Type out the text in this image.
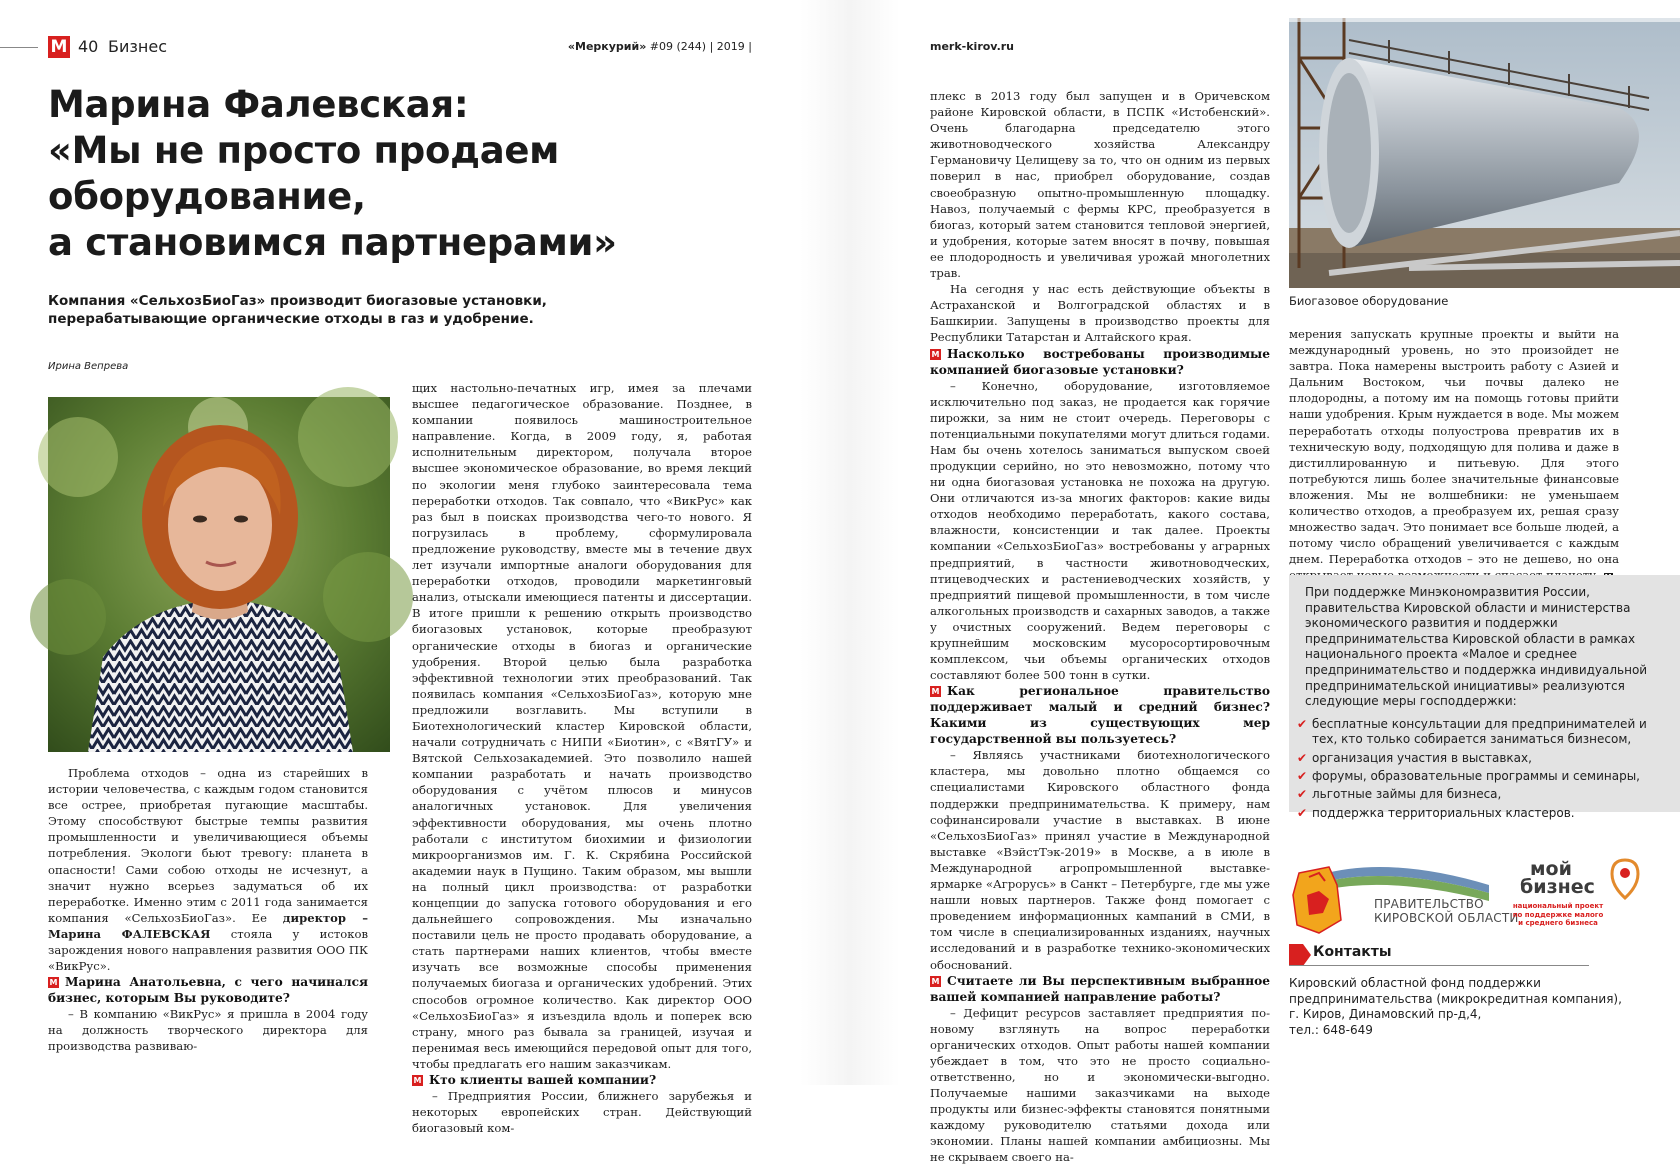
М 40 Бизнес	«Меркурий» #09 (244) | 2019 |
Марина Фалевская:
«Мы не просто продаем
оборудование,
а становимся партнерами»
Компания «СельхозБиоГаз» производит биогазовые установки, перерабатывающие органические отходы в газ и удобрение.
Ирина Вепрева

Проблема отходов – одна из старейших в истории человечества, с каждым годом становится все острее, приобретая пугающие масштабы. Этому способствуют быстрые темпы развития промышленности и увеличивающиеся объемы потребления. Экологи бьют тревогу: планета в опасности! Сами собою отходы не исчезнут, а значит нужно всерьез задуматься об их переработке. Именно этим с 2011 года занимается компания «СельхозБиоГаз». Ее директор – Марина ФАЛЕВСКАЯ стояла у истоков зарождения нового направления развития ООО ПК «ВикРус».

М Марина Анатольевна, с чего начинался бизнес, которым Вы руководите?

– В компанию «ВикРус» я пришла в 2004 году на должность творческого директора для производства развиваю-

щих настольно-печатных игр, имея за плечами высшее педагогическое образование. Позднее, в компании появилось машиностроительное направление. Когда, в 2009 году, я, работая исполнительным директором, получала второе высшее экономическое образование, во время лекций по экологии меня глубоко заинтересовала тема переработки отходов. Так совпало, что «ВикРус» как раз был в поисках производства чего-то нового. Я погрузилась в проблему, сформулировала предложение руководству, вместе мы в течение двух лет изучали импортные аналоги оборудования для переработки отходов, проводили маркетинговый анализ, отыскали имеющиеся патенты и диссертации. В итоге пришли к решению открыть производство биогазовых установок, которые преобразуют органические отходы в биогаз и органические удобрения. Второй целью была разработка эффективной технологии этих преобразований. Так появилась компания «СельхозБиоГаз», которую мне предложили возглавить. Мы вступили в Биотехнологический кластер Кировской области, начали сотрудничать с НИПИ «Биотин», с «ВятГУ» и Вятской Сельхозакадемией. Это позволило нашей компании разработать и начать производство оборудования с учётом плюсов и минусов аналогичных установок. Для увеличения эффективности оборудования, мы очень плотно работали с институтом биохимии и физиологии микроорганизмов им. Г. К. Скрябина Российской академии наук в Пущино. Таким образом, мы вышли на полный цикл производства: от разработки концепции до запуска готового оборудования и его дальнейшего сопровождения. Мы изначально поставили цель не просто продавать оборудование, а стать партнерами наших клиентов, чтобы вместе изучать все возможные способы применения получаемых биогаза и органических удобрений. Этих способов огромное количество. Как директор ООО «СельхозБиоГаз» я изъездила вдоль и поперек всю страну, много раз бывала за границей, изучая и перенимая весь имеющийся передовой опыт для того, чтобы предлагать его нашим заказчикам.

М Кто клиенты вашей компании?

– Предприятия России, ближнего зарубежья и некоторых европейских стран. Действующий биогазовый ком-

merk-kirov.ru

плекс в 2013 году был запущен и в Оричевском районе Кировской области, в ПСПК «Истобенский». Очень благодарна председателю этого животноводческого хозяйства Александру Германовичу Целищеву за то, что он одним из первых поверил в нас, приобрел оборудование, создав своеобразную опытно-промышленную площадку. Навоз, получаемый с фермы КРС, преобразуется в биогаз, который затем становится тепловой энергией, и удобрения, которые затем вносят в почву, повышая ее плодородность и увеличивая урожай многолетних трав.

На сегодня у нас есть действующие объекты в Астраханской и Волгоградской областях и в Башкирии. Запущены в производство проекты для Республики Татарстан и Алтайского края.

М Насколько востребованы производимые компанией биогазовые установки?

– Конечно, оборудование, изготовляемое исключительно под заказ, не продается как горячие пирожки, за ним не стоит очередь. Переговоры с потенциальными покупателями могут длиться годами. Нам бы очень хотелось заниматься выпуском своей продукции серийно, но это невозможно, потому что ни одна биогазовая установка не похожа на другую. Они отличаются из-за многих факторов: какие виды отходов необходимо переработать, какого состава, влажности, консистенции и так далее. Проекты компании «СельхозБиоГаз» востребованы у аграрных предприятий, в частности животноводческих, птицеводческих и растениеводческих хозяйств, у предприятий пищевой промышленности, в том числе алкогольных производств и сахарных заводов, а также у очистных сооружений. Ведем переговоры с крупнейшим московским мусоросортировочным комплексом, чьи объемы органических отходов составляют более 500 тонн в сутки.

М Как региональное правительство поддерживает малый и средний бизнес? Какими из существующих мер государственной вы пользуетесь?

– Являясь участниками биотехнологического кластера, мы довольно плотно общаемся со специалистами Кировского областного фонда поддержки предпринимательства. К примеру, нам софинансировали участие в выставках. В июне «СельхозБиоГаз» принял участие в Международной выставке «ВэйстТэк-2019» в Москве, а в июле в Международной агропромышленной выставке-ярмарке «Агрорусь» в Санкт – Петербурге, где мы уже нашли новых партнеров. Также фонд помогает с проведением информационных кампаний в СМИ, в том числе в специализированных изданиях, научных исследований и в разработке технико-экономических обоснований.

М Считаете ли Вы перспективным выбранное вашей компанией направление работы?

– Дефицит ресурсов заставляет предприятия по-новому взглянуть на вопрос переработки органических отходов. Опыт работы нашей компании убеждает в том, что это не просто социально-ответственно, но и экономически-выгодно. Получаемые нашими заказчиками на выходе продукты или бизнес-эффекты становятся понятными каждому руководителю статьями дохода или экономии. Планы нашей компании амбициозны. Мы не скрываем своего на-

Биогазовое оборудование

мерения запускать крупные проекты и выйти на международный уровень, но это произойдет не завтра. Пока намерены выстроить работу с Азией и Дальним Востоком, чьи почвы далеко не плодородны, а потому им на помощь готовы прийти наши удобрения. Крым нуждается в воде. Мы можем переработать отходы полуострова превратив их в техническую воду, подходящую для полива и даже в дистиллированную и питьевую. Для этого потребуются лишь более значительные финансовые вложения. Мы не волшебники: не уменьшаем количество отходов, а преобразуем их, решая сразу множество задач. Это понимает все больше людей, а потому число обращений увеличивается с каждым днем. Переработка отходов – это не дешево, но она

При поддержке Минэкономразвития России, правительства Кировской области и министерства экономического развития и поддержки предпринимательства Кировской области в рамках национального проекта «Малое и среднее предпринимательство и поддержка индивидуальной предпринимательской инициативы» реализуются следующие меры господдержки:

✔ бесплатные консультации для предпринимателей и тех, кто только собирается заниматься бизнесом,
✔ организация участия в выставках,
✔ форумы, образовательные программы и семинары,
✔ льготные займы для бизнеса,
✔ поддержка территориальных кластеров.
ПРАВИТЕЛЬСТВО
КИРОВСКОЙ ОБЛАСТИ
мой
бизнес
национальный проект
по поддержке малого
и среднего бизнеса
Контакты
Кировский областной фонд поддержки
предпринимательства (микрокредитная компания),
г. Киров, Динамовский пр-д,4,
тел.: 648-649
